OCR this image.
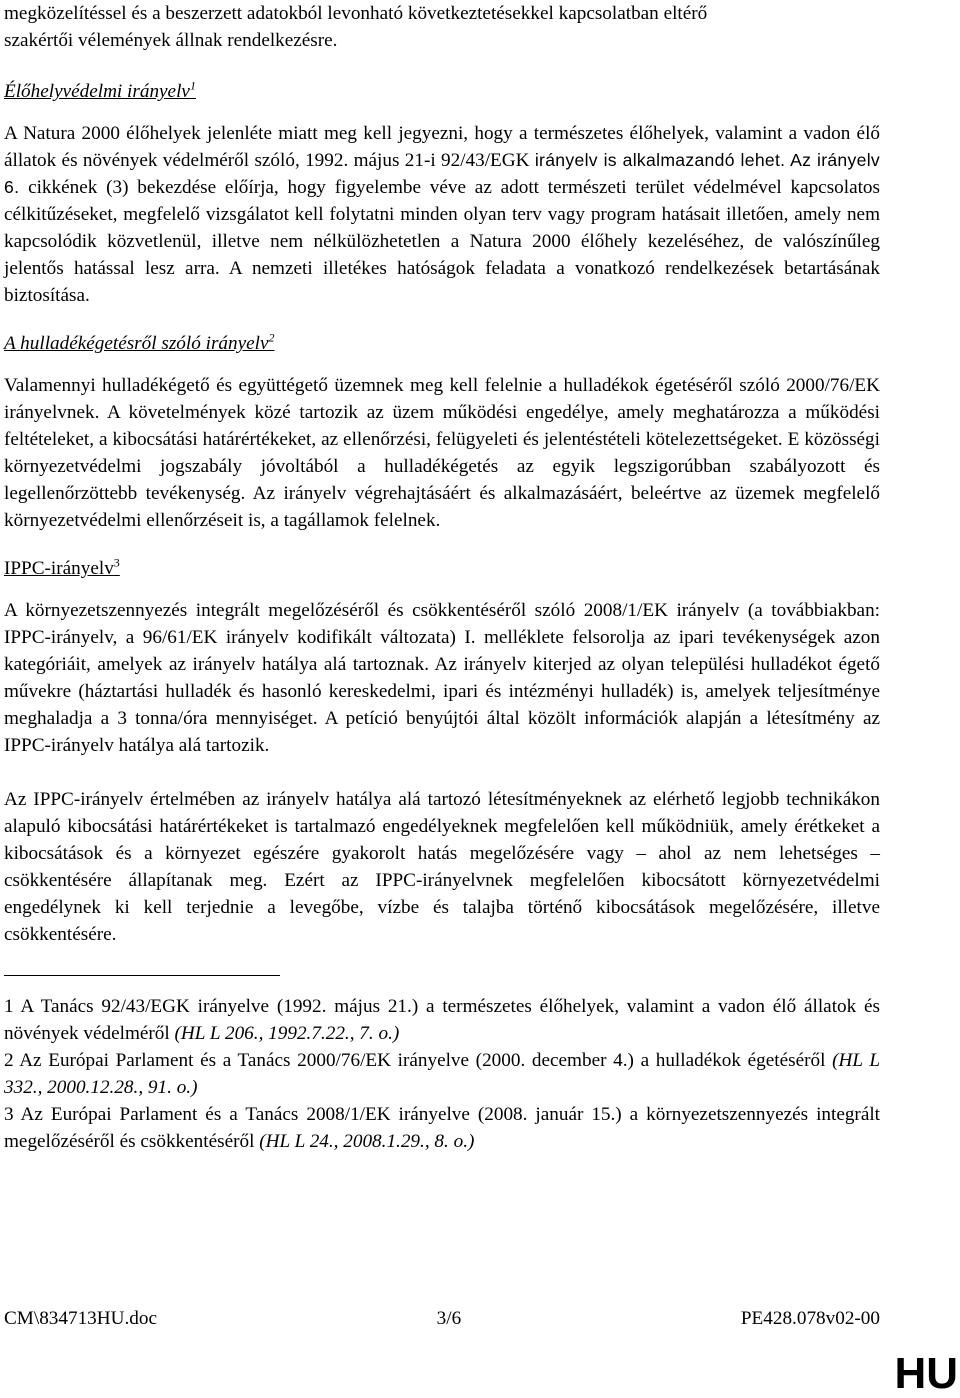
megközelítéssel és a beszerzett adatokból levonható következtetésekkel kapcsolatban eltérő

szakértői vélemények állnak rendelkezésre.

Élőhelyvédelmi irányelv$^1$

A Natura 2000 élőhelyek jelenléte miatt meg kell jegyezni, hogy a természetes élőhelyek, valamint a vadon élő állatok és növények védelméről szóló, 1992. május 21-i 92/43/EGK irányelv is alkalmazandó lehet. Az irányelv 6. cikkének (3) bekezdése előírja, hogy figyelembe véve az adott természeti terület védelmével kapcsolatos célkitűzéseket, megfelelő vizsgálatot kell folytatni minden olyan terv vagy program hatásait illetően, amely nem kapcsolódik közvetlenül, illetve nem nélkülözhetetlen a Natura 2000 élőhely kezeléséhez, de valószínűleg jelentős hatással lesz arra. A nemzeti illetékes hatóságok feladata a vonatkozó rendelkezések betartásának biztosítása.

A hulladékégetésről szóló irányelv$^2$

Valamennyi hulladékégető és együttégető üzemnek meg kell felelnie a hulladékok égetéséről szóló 2000/76/EK irányelvnek. A követelmények közé tartozik az üzem működési engedélye, amely meghatározza a működési feltételeket, a kibocsátási határértékeket, az ellenőrzési, felügyeleti és jelentéstételi kötelezettségeket. E közösségi környezetvédelmi jogszabály jóvoltából a hulladékégetés az egyik legszigorúbban szabályozott és legellenőrzöttebb tevékenység. Az irányelv végrehajtásáért és alkalmazásáért, beleértve az üzemek megfelelő környezetvédelmi ellenőrzéseit is, a tagállamok felelnek.

IPPC-irányelv$^3$

A környezetszennyezés integrált megelőzéséről és csökkentéséről szóló 2008/1/EK irányelv (a továbbiakban: IPPC-irányelv, a 96/61/EK irányelv kodifikált változata) I. melléklete felsorolja az ipari tevékenységek azon kategóriáit, amelyek az irányelv hatálya alá tartoznak. Az irányelv kiterjed az olyan települési hulladékot égető művekre (háztartási hulladék és hasonló kereskedelmi, ipari és intézményi hulladék) is, amelyek teljesítménye meghaladja a 3 tonna/óra mennyiséget. A petíció benyújtói által közölt információk alapján a létesítmény az IPPC-irányelv hatálya alá tartozik.

Az IPPC-irányelv értelmében az irányelv hatálya alá tartozó létesítményeknek az elérhető legjobb technikákon alapuló kibocsátási határértékeket is tartalmazó engedélyeknek megfelelően kell működniük, amely érétkeket a kibocsátások és a környezet egészére gyakorolt hatás megelőzésére vagy – ahol az nem lehetséges – csökkentésére állapítanak meg. Ezért az IPPC-irányelvnek megfelelően kibocsátott környezetvédelmi engedélynek ki kell terjednie a levegőbe, vízbe és talajba történő kibocsátások megelőzésére, illetve csökkentésére.

1 A Tanács 92/43/EGK irányelve (1992. május 21.) a természetes élőhelyek, valamint a vadon élő állatok és növények védelméről (HL L 206., 1992.7.22., 7. o.)

2 Az Európai Parlament és a Tanács 2000/76/EK irányelve (2000. december 4.) a hulladékok égetéséről (HL L 332., 2000.12.28., 91. o.)

3 Az Európai Parlament és a Tanács 2008/1/EK irányelve (2008. január 15.) a környezetszennyezés integrált megelőzéséről és csökkentéséről (HL L 24., 2008.1.29., 8. o.)

CM\834713HU.doc	3/6	PE428.078v02-00
HU
